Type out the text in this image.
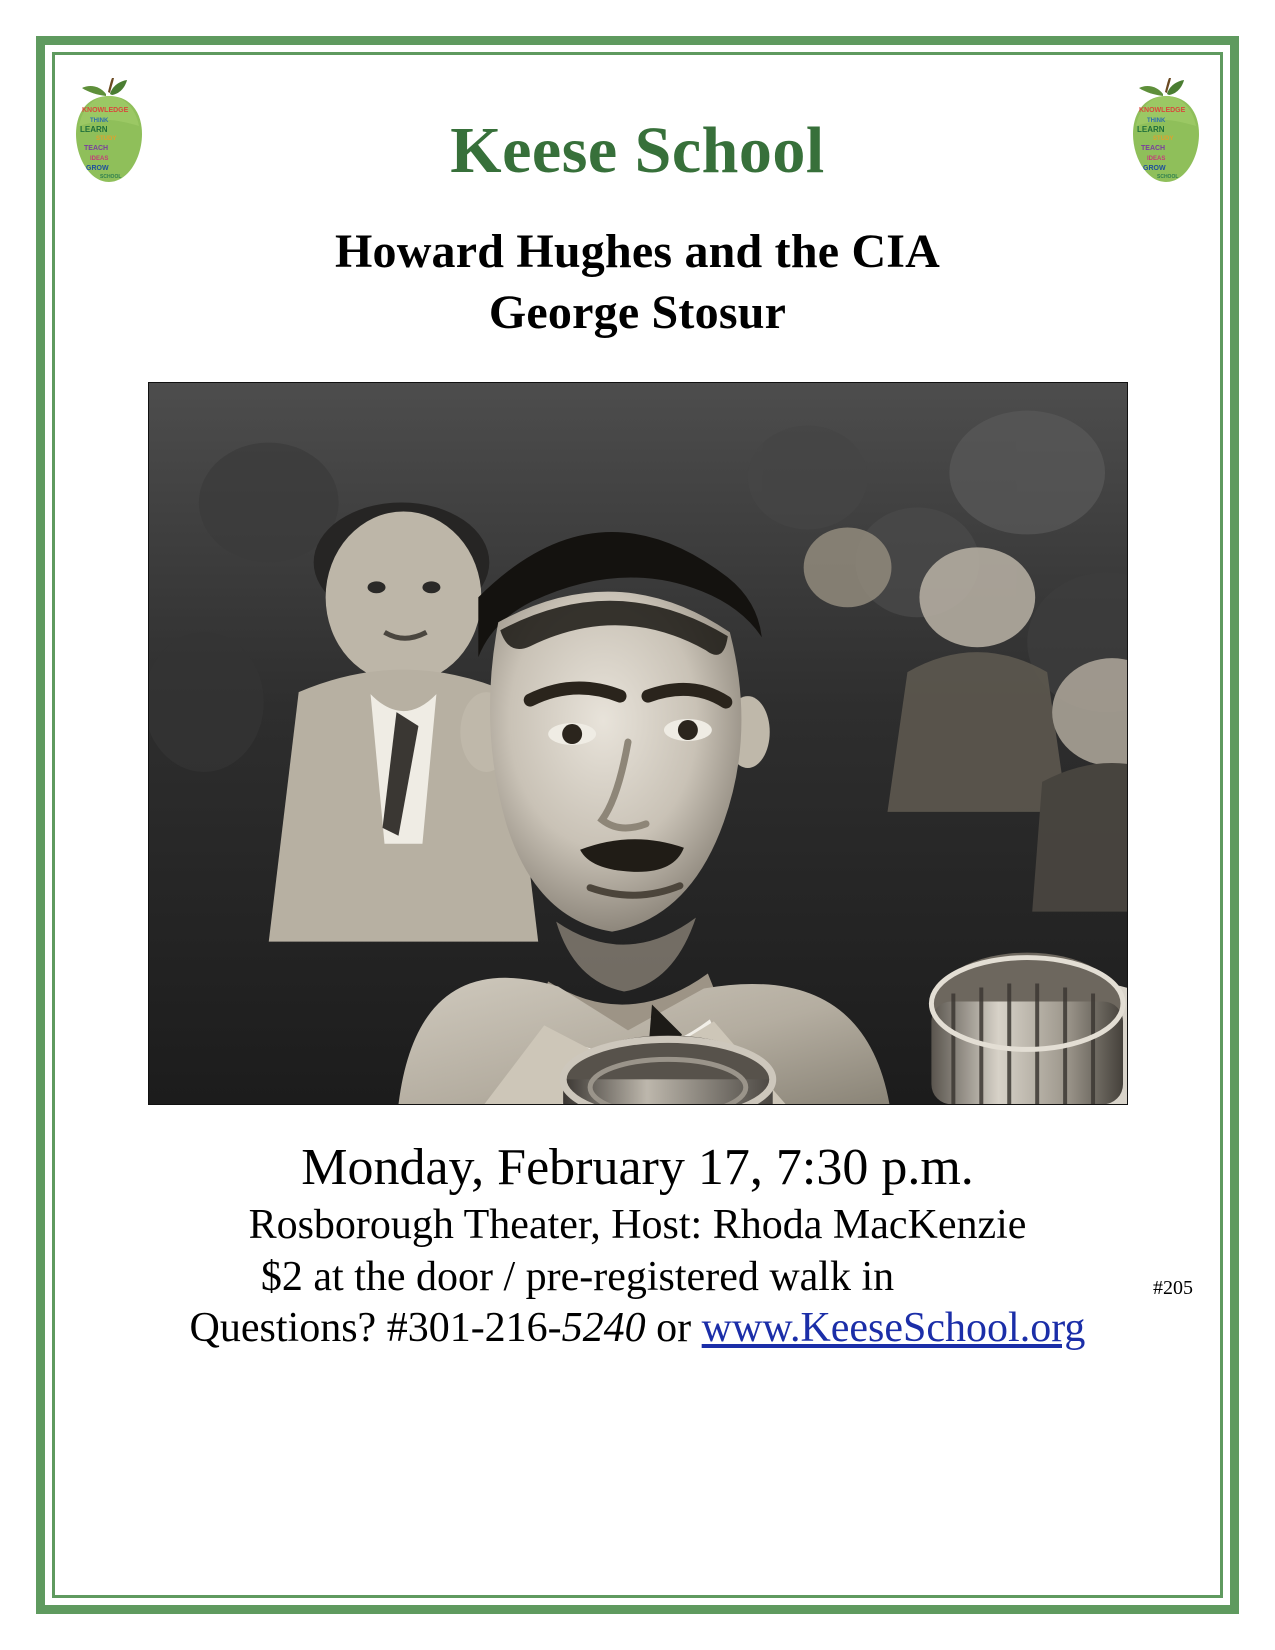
KNOWLEDGE
THINK
LEARN
STUDY
TEACH
IDEAS
GROW
SCHOOL	Keese School
KNOWLEDGE
THINK
LEARN
STUDY
TEACH
IDEAS
GROW
SCHOOL
Howard Hughes and the CIA
George Stosur
Monday, February 17, 7:30 p.m.
Rosborough Theater, Host: Rhoda MacKenzie
$2 at the door / pre-registered walk in	#205
Questions? #301-216-5240 or www.KeeseSchool.org
